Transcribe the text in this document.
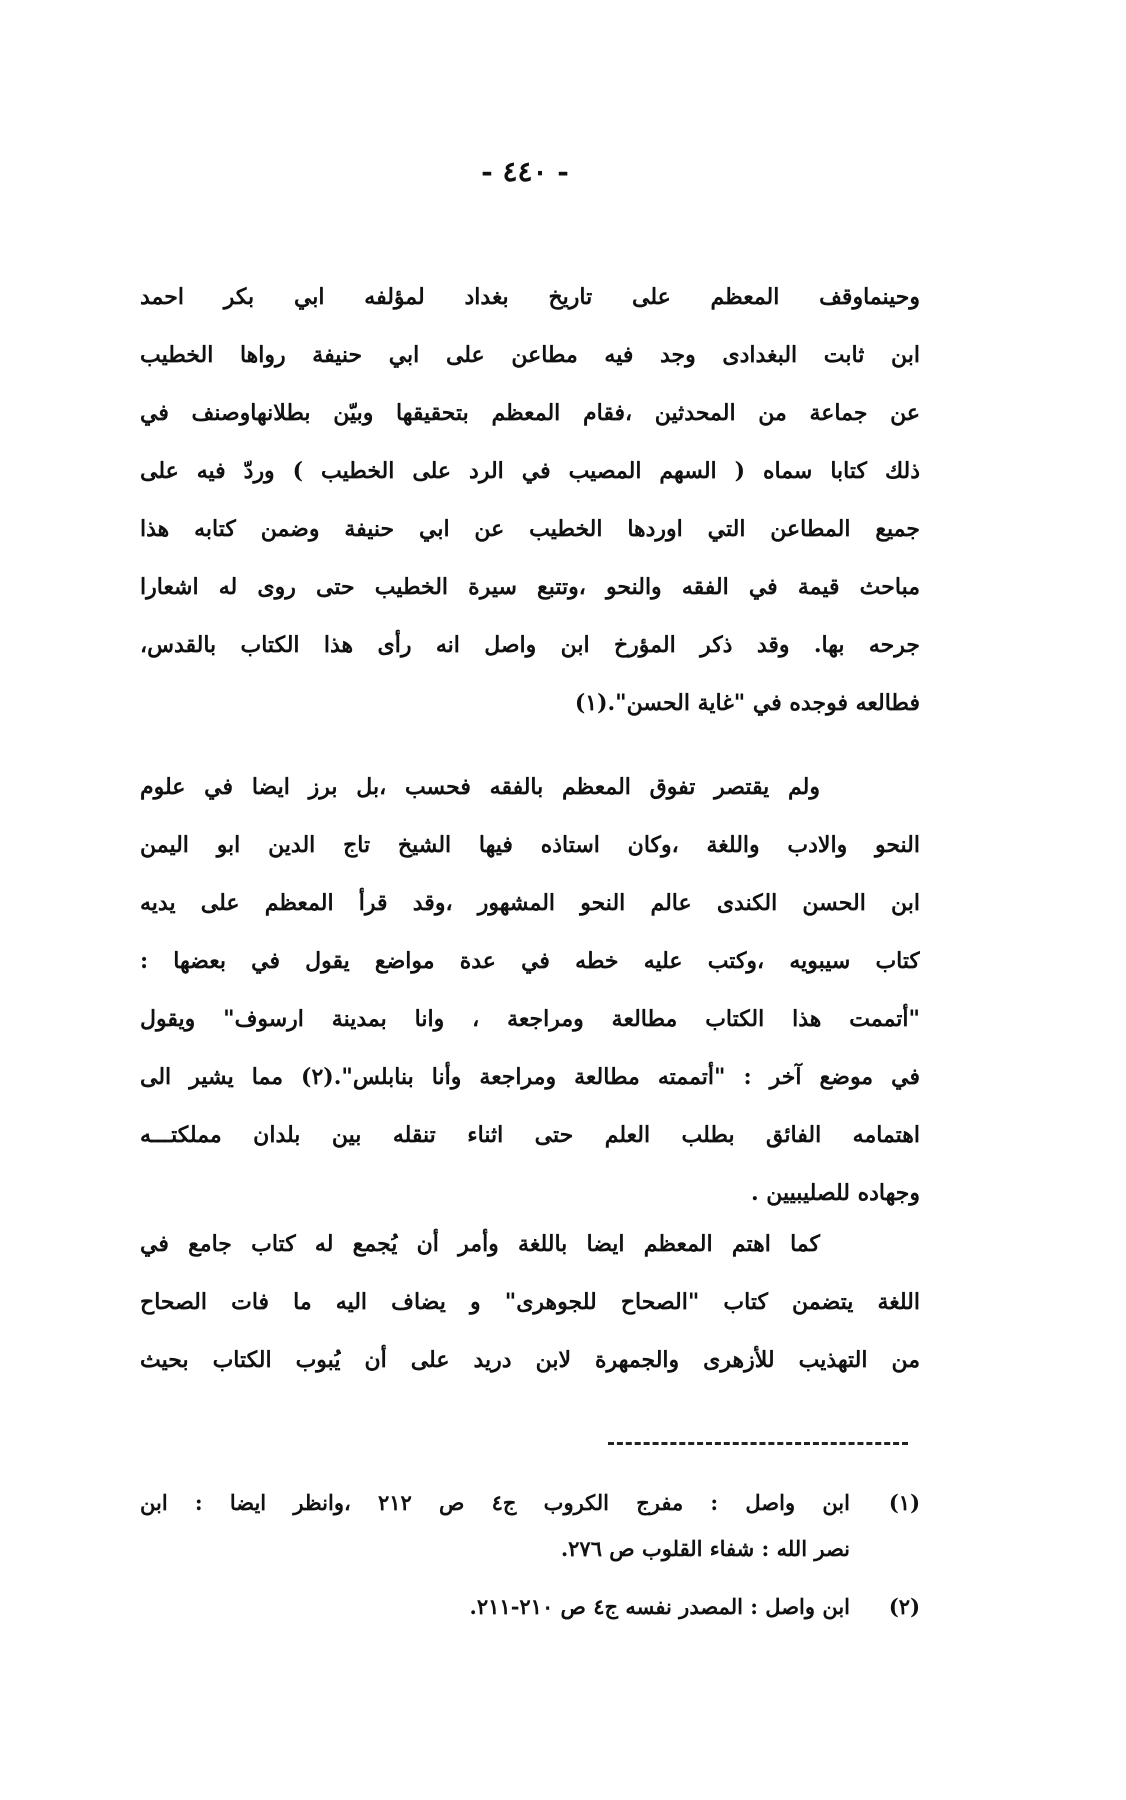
- ٤٤٠ -
وحينماوقف المعظم على تاريخ بغداد لمؤلفه ابي بكر احمد
ابن ثابت البغدادى وجد فيه مطاعن على ابي حنيفة رواها الخطيب
عن جماعة من المحدثين ،فقام المعظم بتحقيقها وبيّن بطلانهاوصنف في
ذلك كتابا سماه ( السهم المصيب في الرد على الخطيب ) وردّ فيه على
جميع المطاعن التي اوردها الخطيب عن ابي حنيفة وضمن كتابه هذا
مباحث قيمة في الفقه والنحو ،وتتبع سيرة الخطيب حتى روى له اشعارا
جرحه بها. وقد ذكر المؤرخ ابن واصل انه رأى هذا الكتاب بالقدس،
فطالعه فوجده في "غاية الحسن".(١)
ولم يقتصر تفوق المعظم بالفقه فحسب ،بل برز ايضا في علوم
النحو والادب واللغة ،وكان استاذه فيها الشيخ تاج الدين ابو اليمن
ابن الحسن الكندى عالم النحو المشهور ،وقد قرأ المعظم على يديه
كتاب سيبويه ،وكتب عليه خطه في عدة مواضع يقول في بعضها :
"أتممت هذا الكتاب مطالعة ومراجعة ، وانا بمدينة ارسوف" ويقول
في موضع آخر : "أتممته مطالعة ومراجعة وأنا بنابلس".(٢) مما يشير الى
اهتمامه الفائق بطلب العلم حتى اثناء تنقله بين بلدان مملكتـــه
وجهاده للصليبيين .
كما اهتم المعظم ايضا باللغة وأمر أن يُجمع له كتاب جامع في
اللغة يتضمن كتاب "الصحاح للجوهرى" و يضاف اليه ما فات الصحاح
من التهذيب للأزهرى والجمهرة لابن دريد على أن يُبوب الكتاب بحيث
(١)
ابن واصل : مفرج الكروب ج٤ ص ٢١٢ ،وانظر ايضا : ابن
نصر الله : شفاء القلوب ص ٢٧٦.
(٢)
ابن واصل : المصدر نفسه ج٤ ص ٢١٠-٢١١.
